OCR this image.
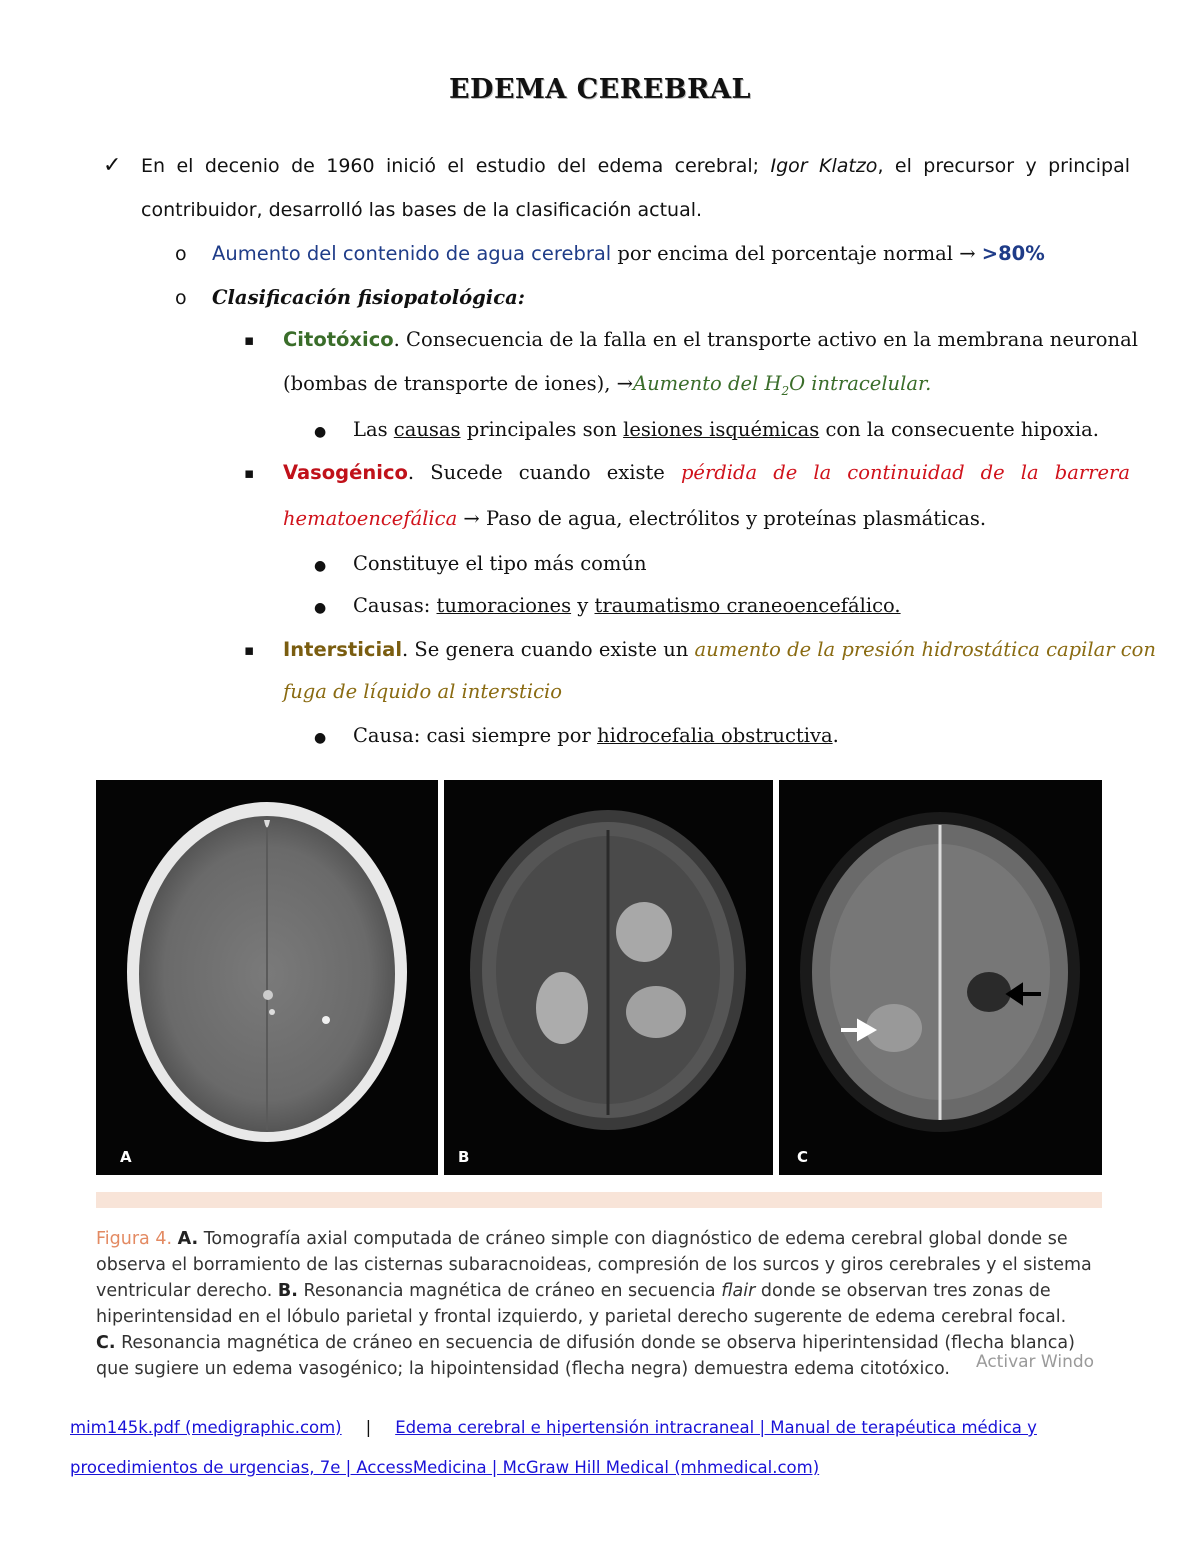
EDEMA CEREBRAL
✓ En el decenio de 1960 inició el estudio del edema cerebral; Igor Klatzo, el precursor y principal
contribuidor, desarrolló las bases de la clasificación actual.
o Aumento del contenido de agua cerebral por encima del porcentaje normal → >80%
o Clasificación fisiopatológica:
▪ Citotóxico. Consecuencia de la falla en el transporte activo en la membrana neuronal
(bombas de transporte de iones), →Aumento del $H_2O$ intracelular.
● Las causas principales son lesiones isquémicas con la consecuente hipoxia.
▪ Vasogénico. Sucede cuando existe pérdida de la continuidad de la barrera
hematoencefálica → Paso de agua, electrólitos y proteínas plasmáticas.
● Constituye el tipo más común
● Causas: tumoraciones y traumatismo craneoencefálico.
▪ Intersticial. Se genera cuando existe un aumento de la presión hidrostática capilar con
fuga de líquido al intersticio
● Causa: casi siempre por hidrocefalia obstructiva.
A	B	C
Figura 4. A. Tomografía axial computada de cráneo simple con diagnóstico de edema cerebral global donde se
observa el borramiento de las cisternas subaracnoideas, compresión de los surcos y giros cerebrales y el sistema
ventricular derecho. B. Resonancia magnética de cráneo en secuencia flair donde se observan tres zonas de
hiperintensidad en el lóbulo parietal y frontal izquierdo, y parietal derecho sugerente de edema cerebral focal.
C. Resonancia magnética de cráneo en secuencia de difusión donde se observa hiperintensidad (flecha blanca)
que sugiere un edema vasogénico; la hipointensidad (flecha negra) demuestra edema citotóxico.	Activar Windo
mim145k.pdf (medigraphic.com) | Edema cerebral e hipertensión intracraneal | Manual de terapéutica médica y
procedimientos de urgencias, 7e | AccessMedicina | McGraw Hill Medical (mhmedical.com)
